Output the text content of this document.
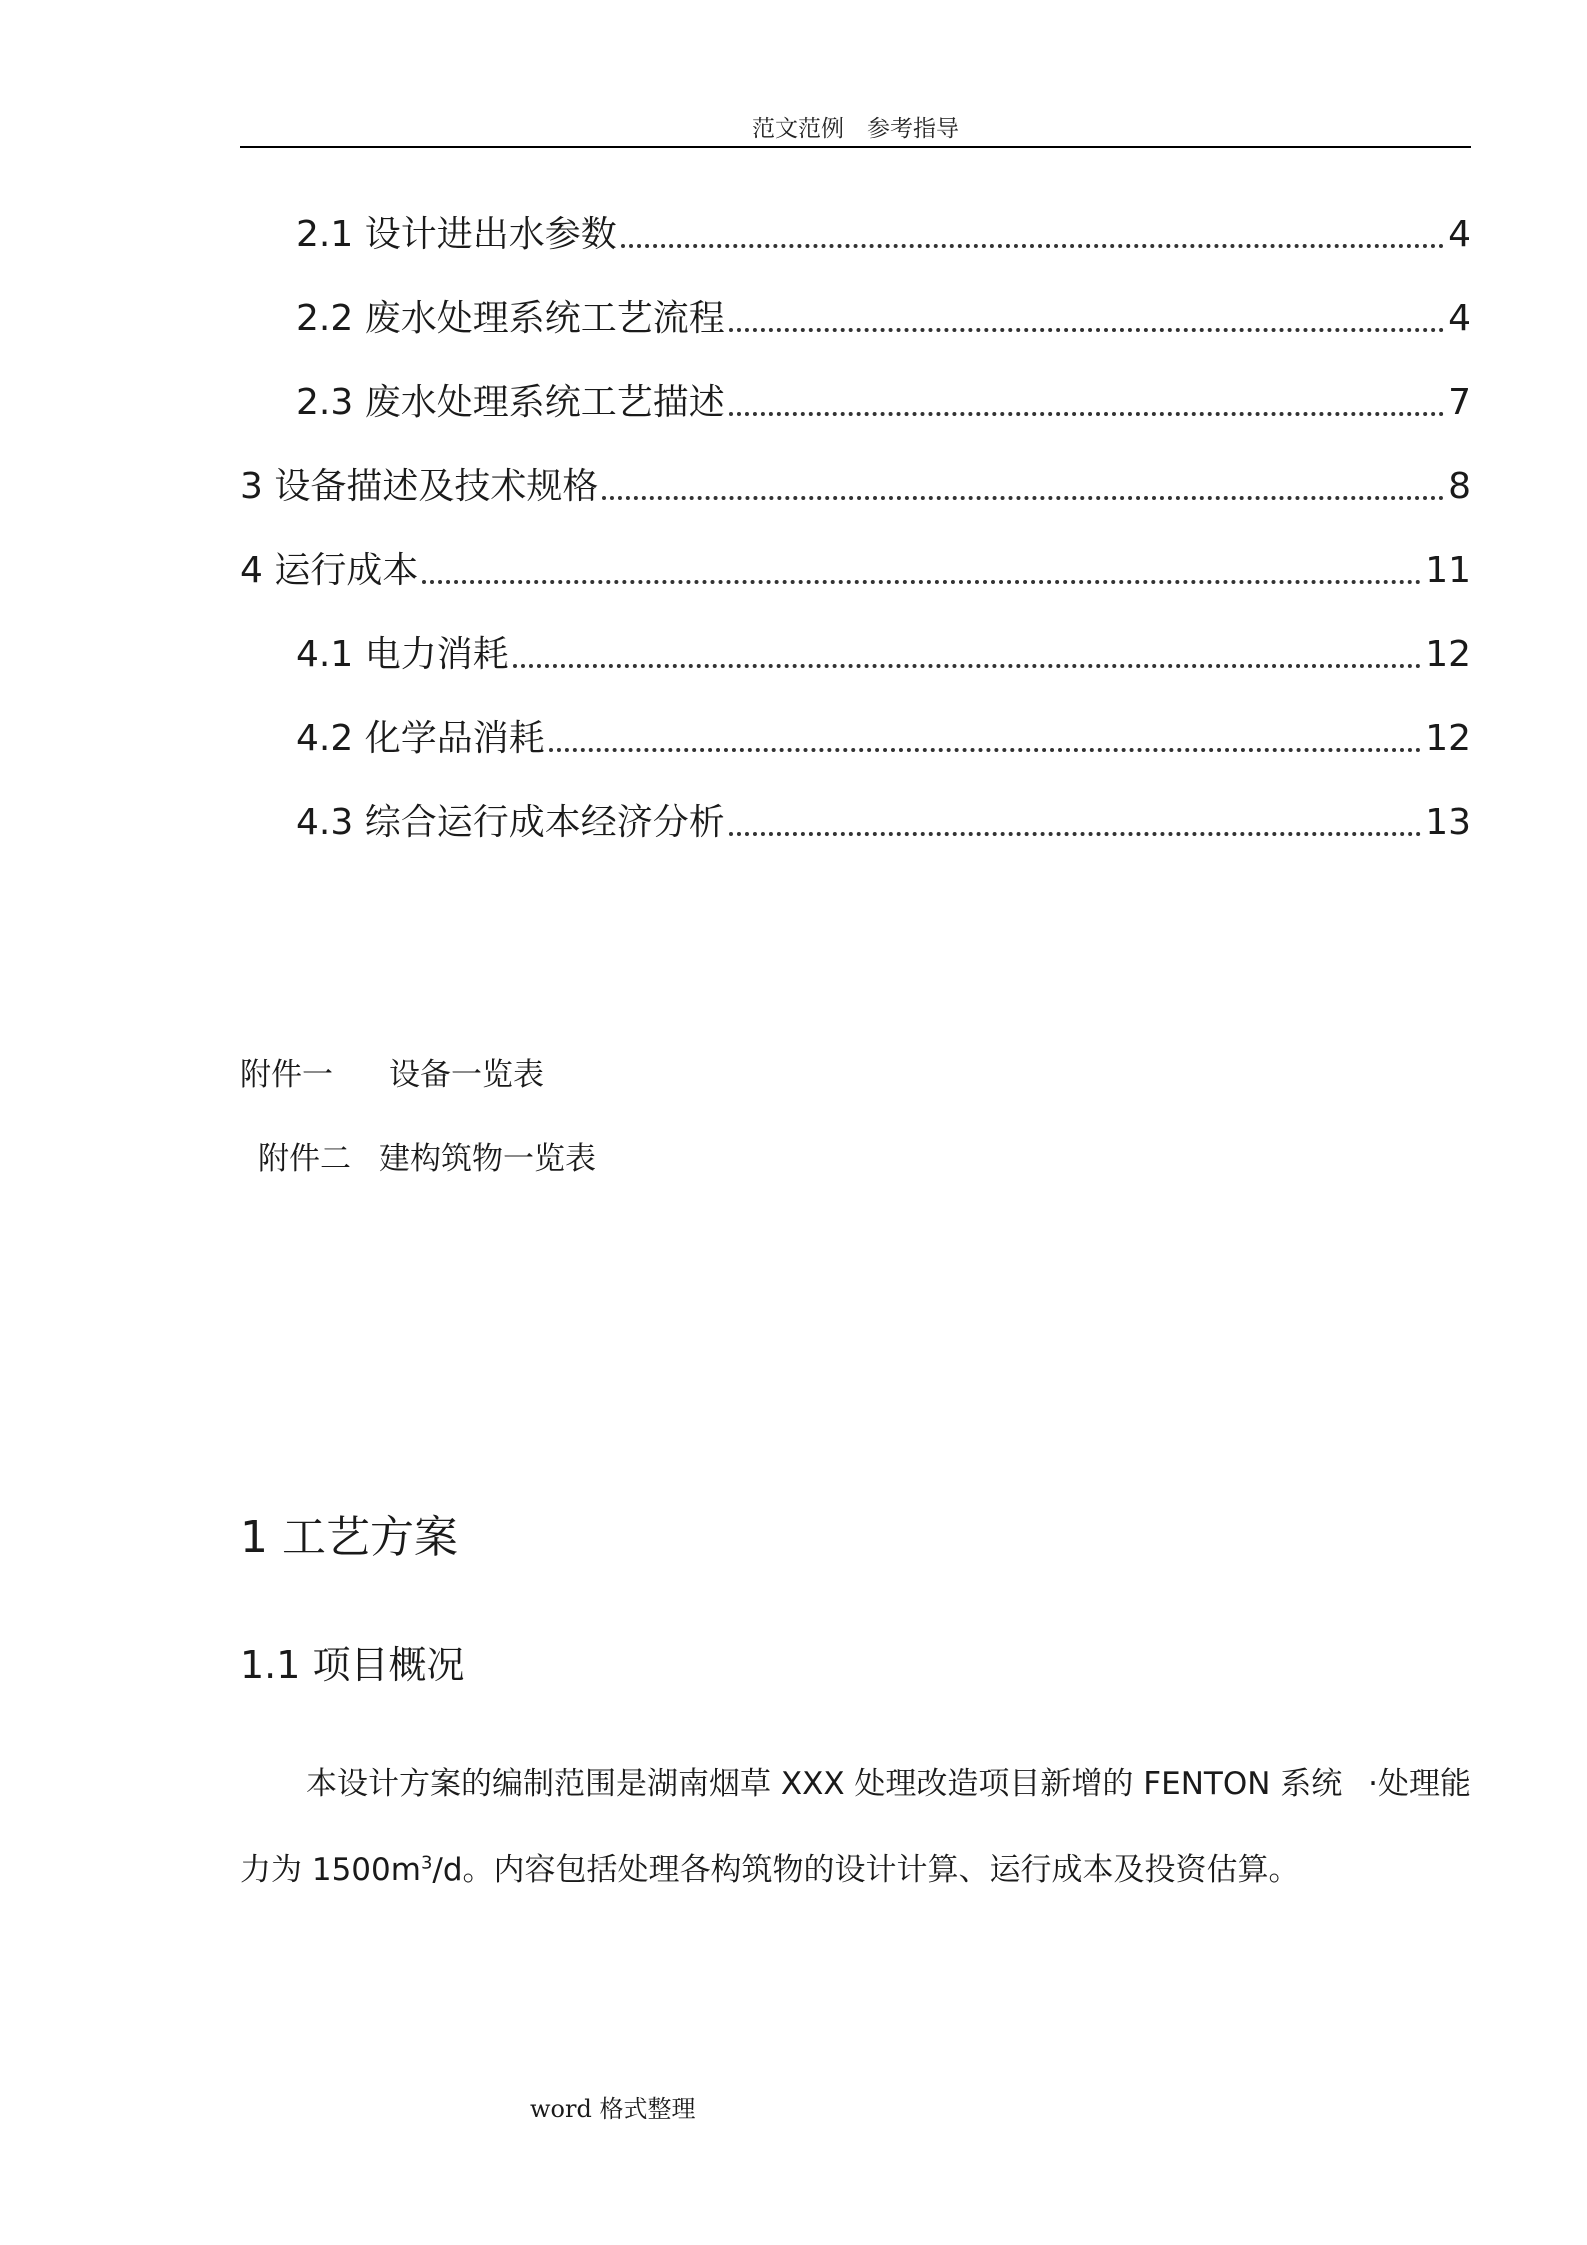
范文范例　参考指导
2.1 设计进出水参数	4
2.2 废水处理系统工艺流程	4
2.3 废水处理系统工艺描述	7
3 设备描述及技术规格	8
4 运行成本	11
4.1 电力消耗	12
4.2 化学品消耗	12
4.3 综合运行成本经济分析	13
附件一 设备一览表
附件二 建构筑物一览表
1 工艺方案
1.1 项目概况
本设计方案的编制范围是湖南烟草 XXX 处理改造项目新增的 FENTON 系统 ·处理能
力为 $1500m^3/d$。内容包括处理各构筑物的设计计算、运行成本及投资估算。
word 格式整理
